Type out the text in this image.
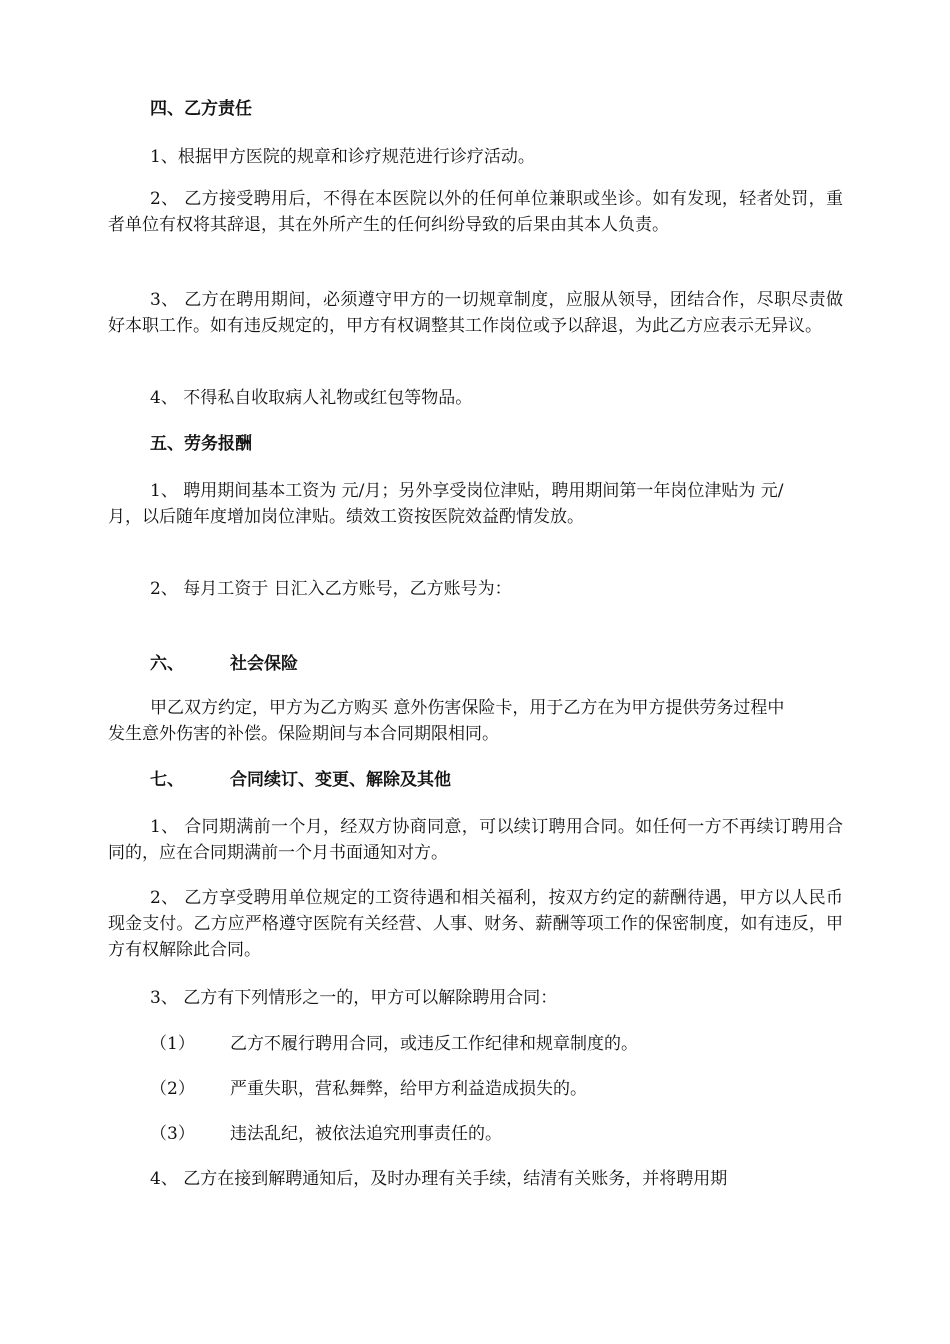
四、乙方责任
1、根据甲方医院的规章和诊疗规范进行诊疗活动。
2、 乙方接受聘用后，不得在本医院以外的任何单位兼职或坐诊。如有发现，轻者处罚，重者单位有权将其辞退，其在外所产生的任何纠纷导致的后果由其本人负责。
3、 乙方在聘用期间，必须遵守甲方的一切规章制度，应服从领导，团结合作，尽职尽责做好本职工作。如有违反规定的，甲方有权调整其工作岗位或予以辞退，为此乙方应表示无异议。
4、 不得私自收取病人礼物或红包等物品。
五、劳务报酬
1、 聘用期间基本工资为 元/月；另外享受岗位津贴，聘用期间第一年岗位津贴为 元/月，以后随年度增加岗位津贴。绩效工资按医院效益酌情发放。
2、 每月工资于 日汇入乙方账号，乙方账号为：
六、	社会保险
甲乙双方约定，甲方为乙方购买 意外伤害保险卡，用于乙方在为甲方提供劳务过程中发生意外伤害的补偿。保险期间与本合同期限相同。
七、	合同续订、变更、解除及其他
1、 合同期满前一个月，经双方协商同意，可以续订聘用合同。如任何一方不再续订聘用合同的，应在合同期满前一个月书面通知对方。
2、 乙方享受聘用单位规定的工资待遇和相关福利，按双方约定的薪酬待遇，甲方以人民币现金支付。乙方应严格遵守医院有关经营、人事、财务、薪酬等项工作的保密制度，如有违反，甲方有权解除此合同。
3、 乙方有下列情形之一的，甲方可以解除聘用合同：
（1） 乙方不履行聘用合同，或违反工作纪律和规章制度的。
（2） 严重失职，营私舞弊，给甲方利益造成损失的。
（3） 违法乱纪，被依法追究刑事责任的。
4、 乙方在接到解聘通知后，及时办理有关手续，结清有关账务，并将聘用期
